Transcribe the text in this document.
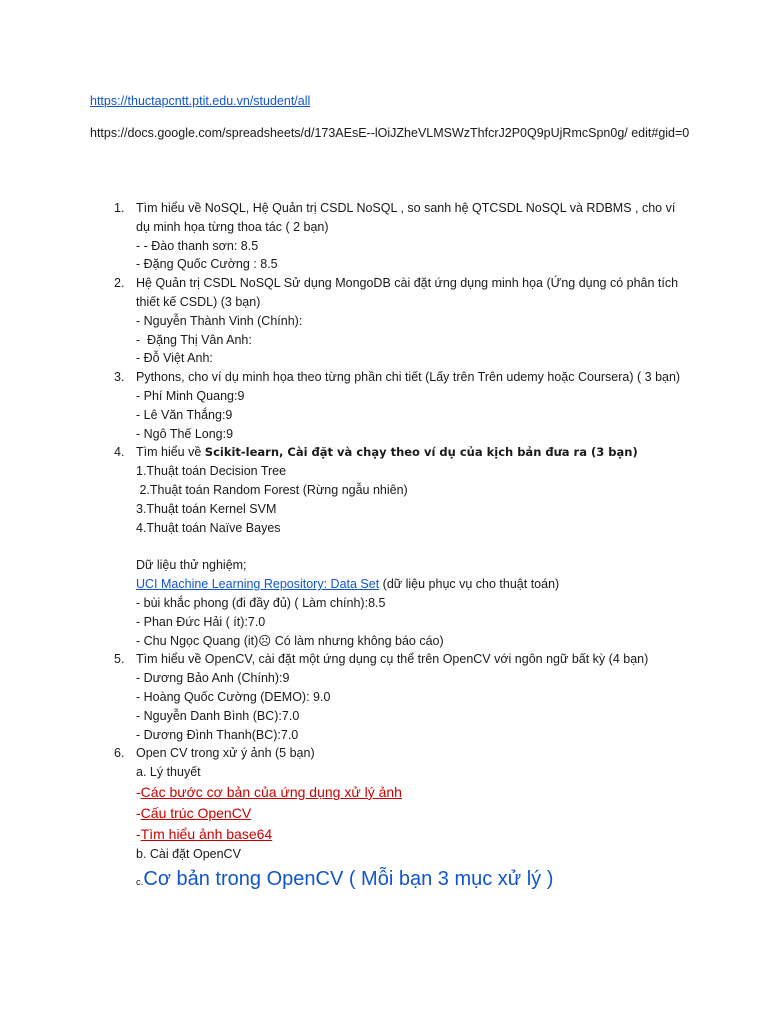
https://thuctapcntt.ptit.edu.vn/student/all
https://docs.google.com/spreadsheets/d/173AEsE--lOiJZheVLMSWzThfcrJ2P0Q9pUjRmcSpn0g/ edit#gid=0
1. Tìm hiểu về NoSQL, Hệ Quản trị CSDL NoSQL , so sanh hệ QTCSDL NoSQL và RDBMS , cho ví dụ minh họa từng thoa tác ( 2 bạn)
- - Đào thanh sơn: 8.5
- Đặng Quốc Cường : 8.5
2. Hệ Quản trị CSDL NoSQL Sử dụng MongoDB cài đặt ứng dụng minh họa (Ứng dụng có phân tích thiết kế CSDL) (3 bạn)
- Nguyễn Thành Vinh (Chính):
-  Đặng Thị Vân Anh:
- Đỗ Việt Anh:
3. Pythons, cho ví dụ minh họa theo từng phần chi tiết (Lấy trên Trên udemy hoặc Coursera) ( 3 bạn)
- Phí Minh Quang:9
- Lê Văn Thắng:9
- Ngô Thế Long:9
4. Tìm hiểu về Scikit-learn, Cài đặt và chạy theo ví dụ của kịch bản đưa ra (3 bạn)
1.Thuật toán Decision Tree
2.Thuật toán Random Forest (Rừng ngẫu nhiên)
3.Thuật toán Kernel SVM
4.Thuật toán Naïve Bayes
Dữ liệu thử nghiệm;
UCI Machine Learning Repository: Data Set (dữ liệu phục vụ cho thuật toán)
- bùi khắc phong (đi đầy đủ) ( Làm chính):8.5
- Phan Đức Hải ( ít):7.0
- Chu Ngọc Quang (it)☹ Có làm nhưng không báo cáo)
5. Tìm hiểu về OpenCV, cài đặt một ứng dụng cụ thể trên OpenCV với ngôn ngữ bất kỳ (4 bạn)
- Dương Bảo Anh (Chính):9
- Hoàng Quốc Cường (DEMO): 9.0
- Nguyễn Danh Bình (BC):7.0
- Dương Đình Thanh(BC):7.0
6. Open CV trong xử ý ảnh (5 bạn)
a. Lý thuyết
-Các bước cơ bản của ứng dụng xử lý ảnh
-Cấu trúc OpenCV
-Tìm hiểu ảnh base64
b. Cài đặt OpenCV
c.Cơ bản trong OpenCV ( Mỗi bạn 3 mục xử lý )
